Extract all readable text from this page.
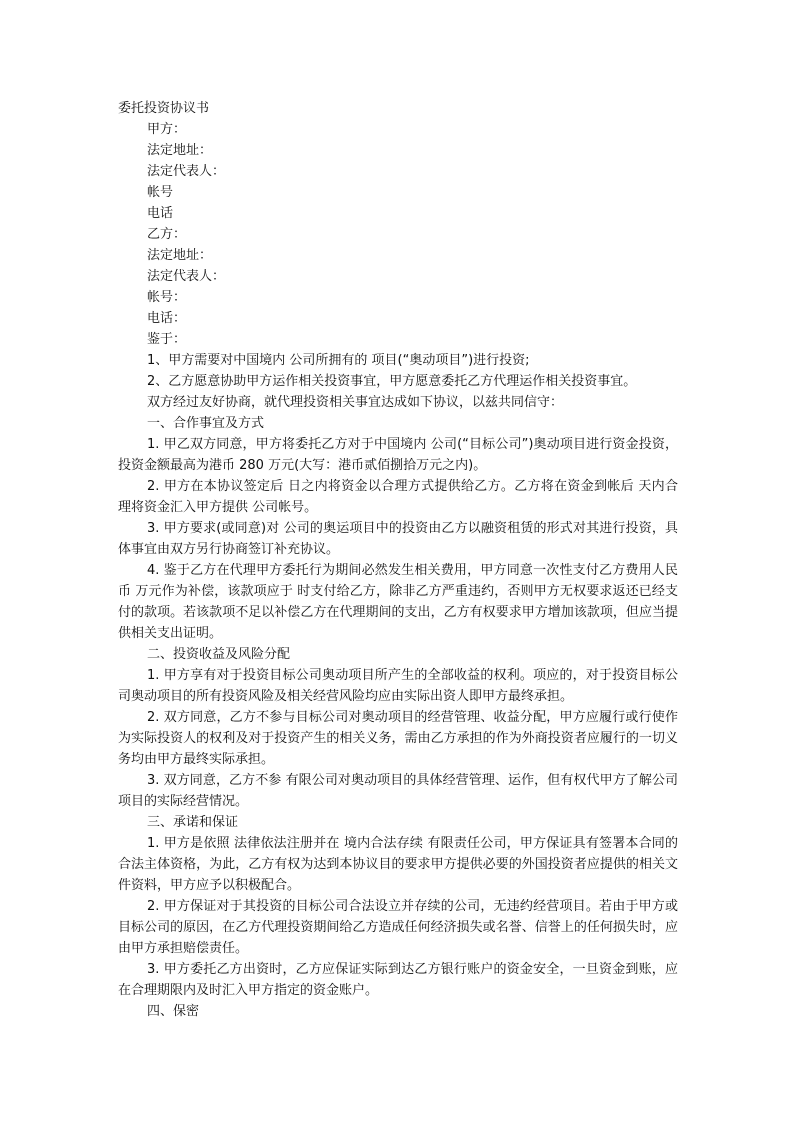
委托投资协议书
甲方：
法定地址：
法定代表人：
帐号
电话
乙方：
法定地址：
法定代表人：
帐号：
电话：
鉴于：
1、甲方需要对中国境内 公司所拥有的 项目(“奥动项目”)进行投资;
2、乙方愿意协助甲方运作相关投资事宜，甲方愿意委托乙方代理运作相关投资事宜。
双方经过友好协商，就代理投资相关事宜达成如下协议，以兹共同信守：
一、合作事宜及方式
1. 甲乙双方同意，甲方将委托乙方对于中国境内 公司(“目标公司”)奥动项目进行资金投资，投资金额最高为港币 280 万元(大写：港币贰佰捌拾万元之内)。
2. 甲方在本协议签定后 日之内将资金以合理方式提供给乙方。乙方将在资金到帐后 天内合理将资金汇入甲方提供 公司帐号。
3. 甲方要求(或同意)对 公司的奥运项目中的投资由乙方以融资租赁的形式对其进行投资，具体事宜由双方另行协商签订补充协议。
4. 鉴于乙方在代理甲方委托行为期间必然发生相关费用，甲方同意一次性支付乙方费用人民币 万元作为补偿，该款项应于 时支付给乙方，除非乙方严重违约，否则甲方无权要求返还已经支付的款项。若该款项不足以补偿乙方在代理期间的支出，乙方有权要求甲方增加该款项，但应当提供相关支出证明。
二、投资收益及风险分配
1. 甲方享有对于投资目标公司奥动项目所产生的全部收益的权利。项应的，对于投资目标公司奥动项目的所有投资风险及相关经营风险均应由实际出资人即甲方最终承担。
2. 双方同意，乙方不参与目标公司对奥动项目的经营管理、收益分配，甲方应履行或行使作为实际投资人的权利及对于投资产生的相关义务，需由乙方承担的作为外商投资者应履行的一切义务均由甲方最终实际承担。
3. 双方同意，乙方不参 有限公司对奥动项目的具体经营管理、运作，但有权代甲方了解公司项目的实际经营情况。
三、承诺和保证
1. 甲方是依照 法律依法注册并在 境内合法存续 有限责任公司，甲方保证具有签署本合同的合法主体资格，为此，乙方有权为达到本协议目的要求甲方提供必要的外国投资者应提供的相关文件资料，甲方应予以积极配合。
2. 甲方保证对于其投资的目标公司合法设立并存续的公司，无违约经营项目。若由于甲方或目标公司的原因，在乙方代理投资期间给乙方造成任何经济损失或名誉、信誉上的任何损失时，应由甲方承担赔偿责任。
3. 甲方委托乙方出资时，乙方应保证实际到达乙方银行账户的资金安全，一旦资金到账，应在合理期限内及时汇入甲方指定的资金账户。
四、保密
